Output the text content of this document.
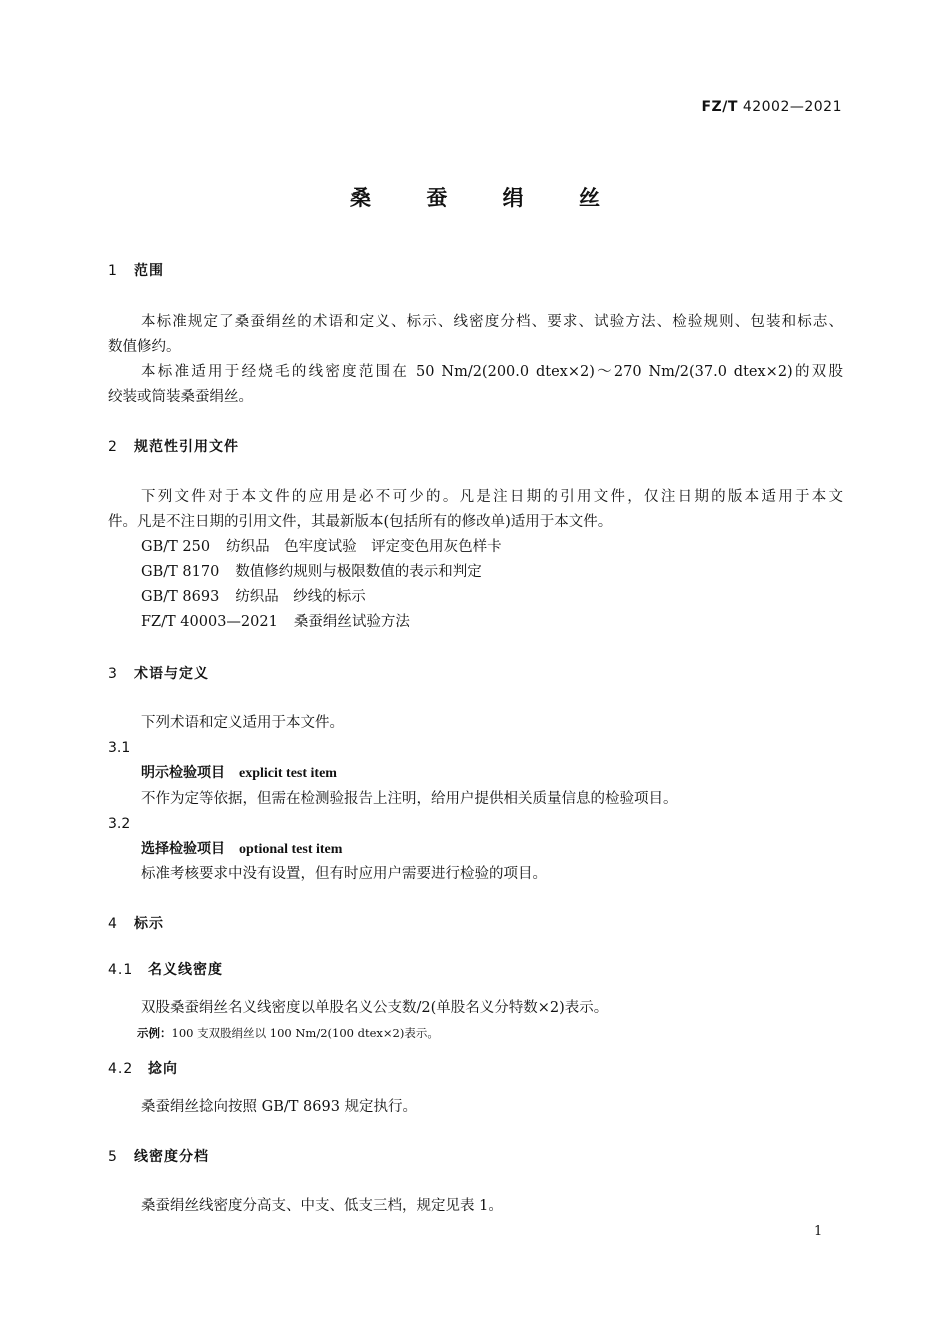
FZ/T 42002—2021
桑 蚕 绢 丝
1 范围
本标准规定了桑蚕绢丝的术语和定义、标示、线密度分档、要求、试验方法、检验规则、包装和标志、
数值修约。
本标准适用于经烧毛的线密度范围在 50 Nm/2(200.0 dtex×2)～270 Nm/2(37.0 dtex×2)的双股
绞装或筒装桑蚕绢丝。
2 规范性引用文件
下列文件对于本文件的应用是必不可少的。凡是注日期的引用文件，仅注日期的版本适用于本文
件。凡是不注日期的引用文件，其最新版本(包括所有的修改单)适用于本文件。
GB/T 250 纺织品　色牢度试验　评定变色用灰色样卡
GB/T 8170 数值修约规则与极限数值的表示和判定
GB/T 8693 纺织品　纱线的标示
FZ/T 40003—2021 桑蚕绢丝试验方法
3 术语与定义
下列术语和定义适用于本文件。
3.1
明示检验项目 explicit test item
不作为定等依据，但需在检测验报告上注明，给用户提供相关质量信息的检验项目。
3.2
选择检验项目 optional test item
标准考核要求中没有设置，但有时应用户需要进行检验的项目。
4 标示
4.1 名义线密度
双股桑蚕绢丝名义线密度以单股名义公支数/2(单股名义分特数×2)表示。
示例：100 支双股绢丝以 100 Nm/2(100 dtex×2)表示。
4.2 捻向
桑蚕绢丝捻向按照 GB/T 8693 规定执行。
5 线密度分档
桑蚕绢丝线密度分高支、中支、低支三档，规定见表 1。
1
